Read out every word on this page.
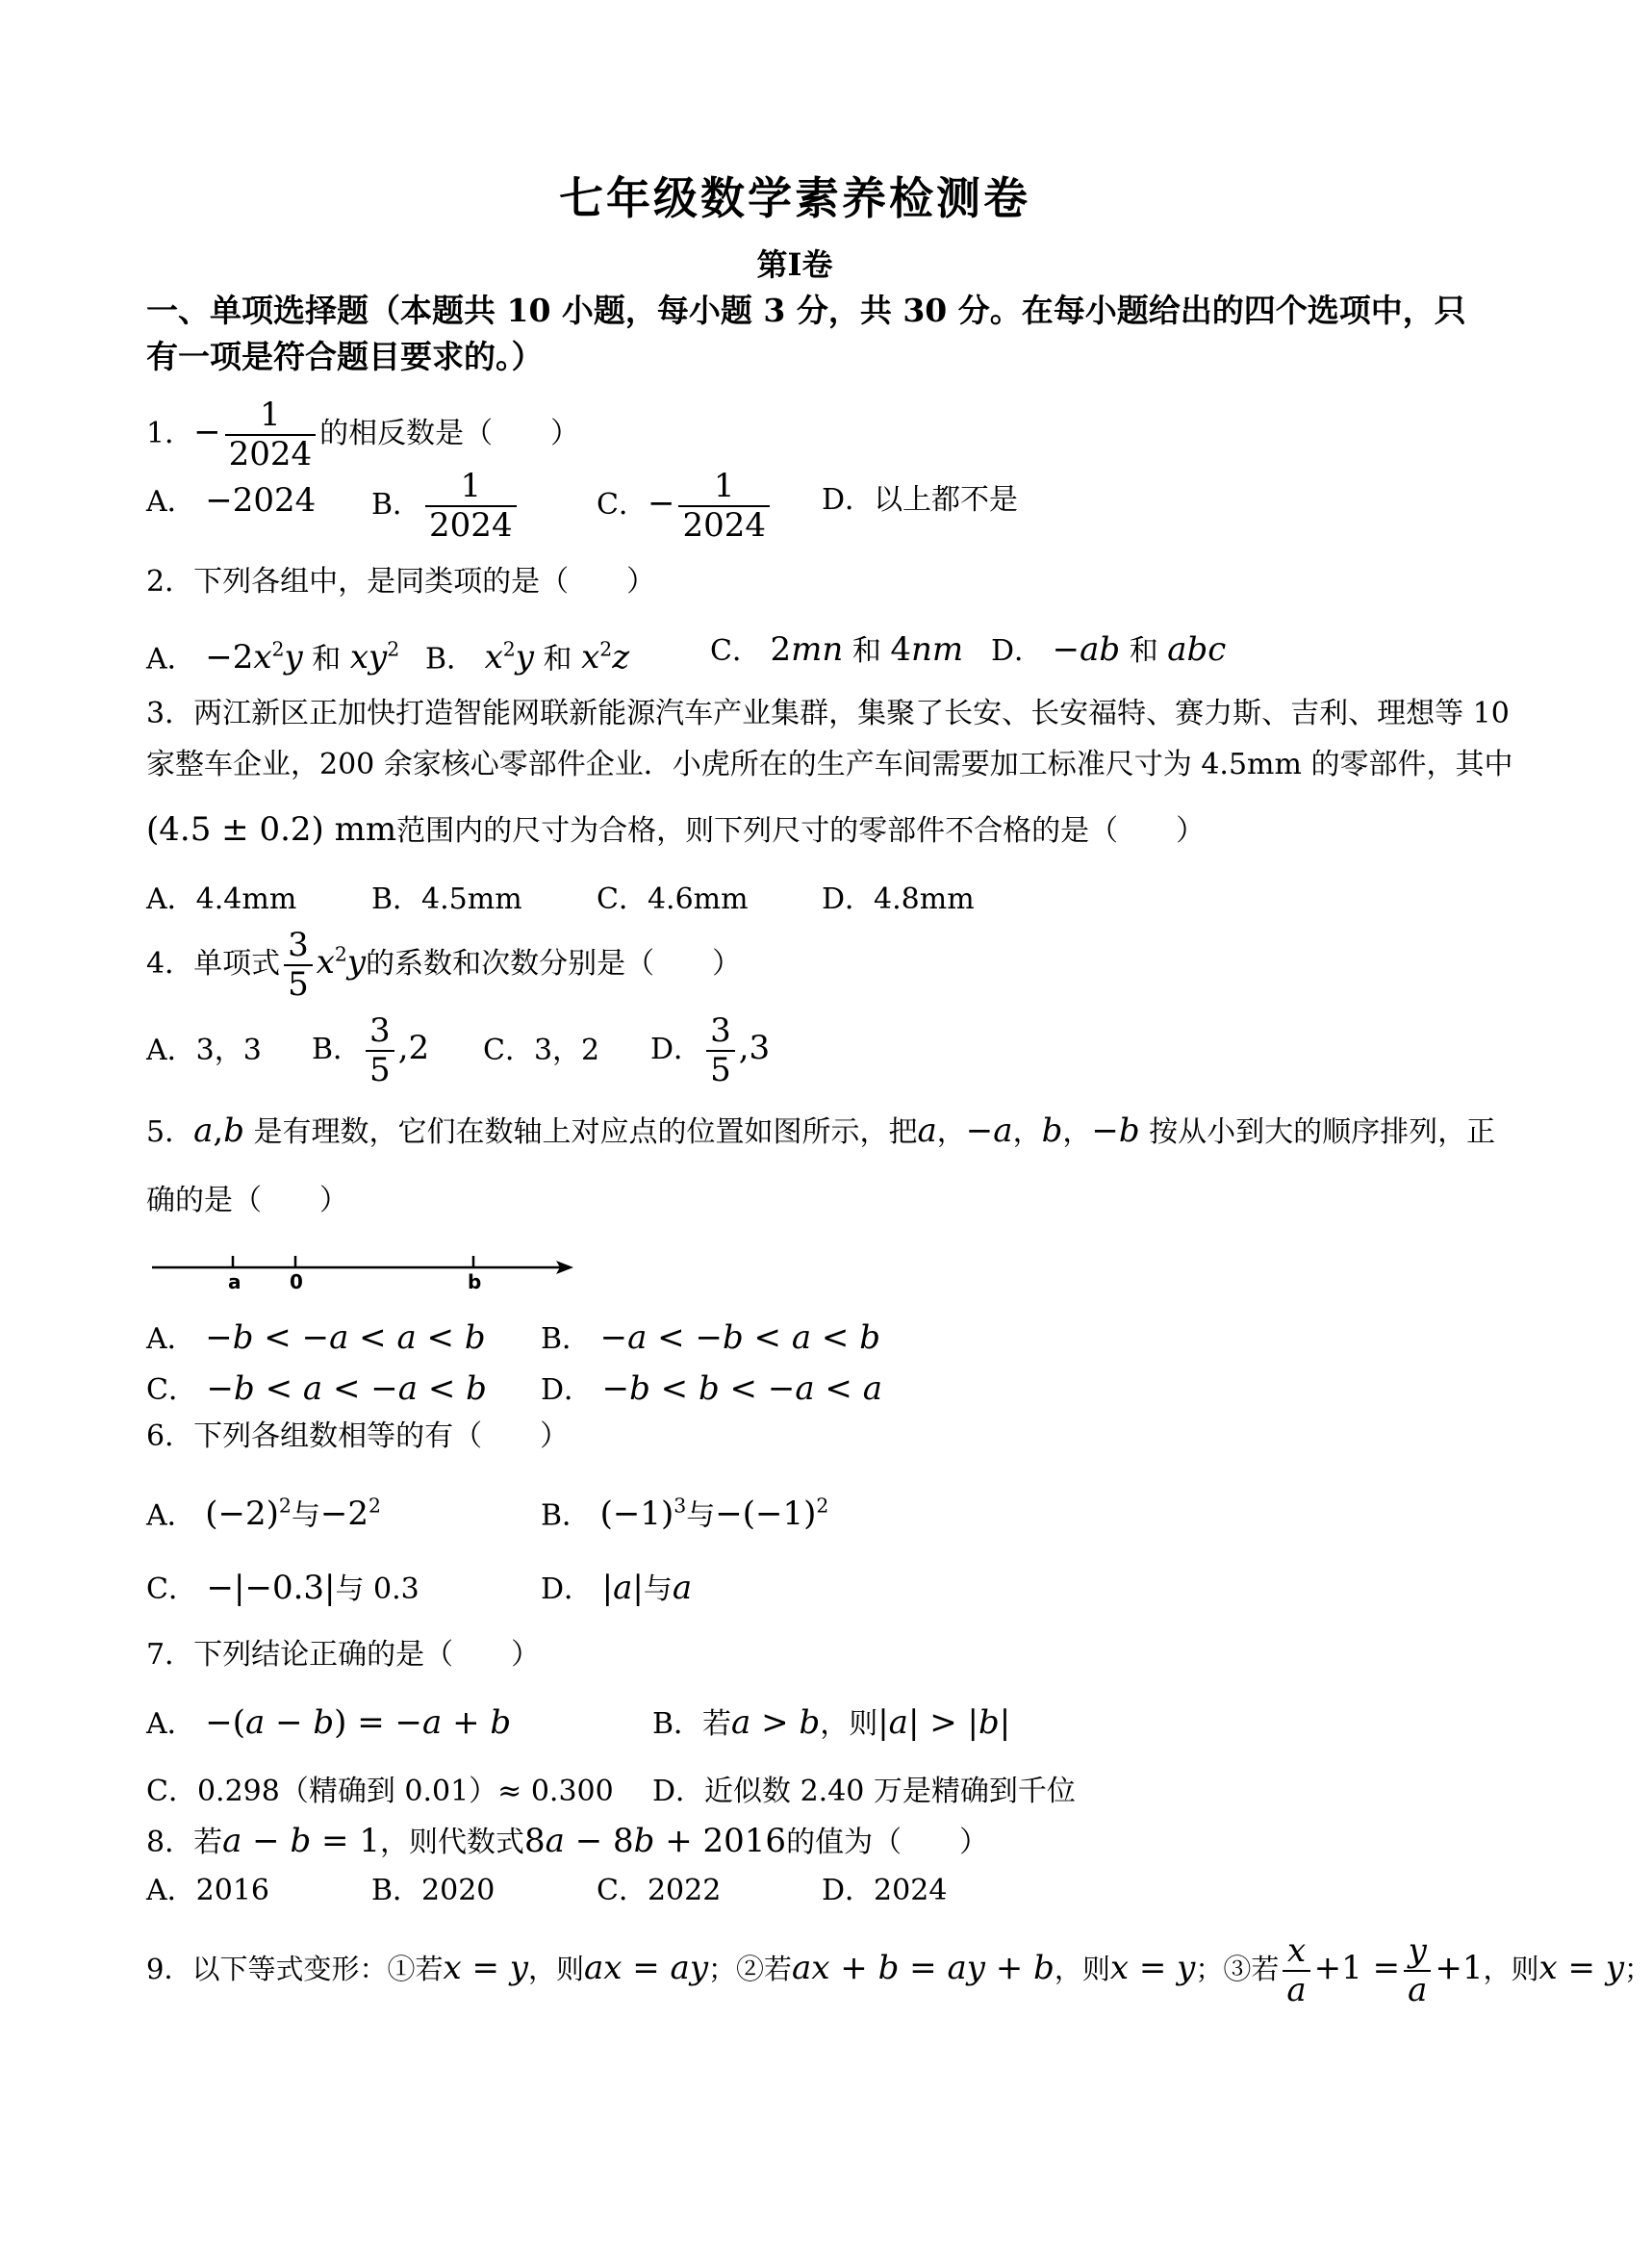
七年级数学素养检测卷
第Ⅰ卷
一、单项选择题（本题共 10 小题，每小题 3 分，共 30 分。在每小题给出的四个选项中，只
有一项是符合题目要求的。）
1．− $\frac{1}{2024}$ 的相反数是（　　）
A． −2024 B． $\frac{1}{2024}$	C．− $\frac{1}{2024}$ D．以上都不是
2．下列各组中，是同类项的是（　　）
A． $-2x^2y$ 和 $xy^2$ B． $x^2y$ 和 $x^2z$	C． 2mn 和 4nm D． −ab 和 abc
3．两江新区正加快打造智能网联新能源汽车产业集群，集聚了长安、长安福特、赛力斯、吉利、理想等 10
家整车企业，200 余家核心零部件企业．小虎所在的生产车间需要加工标准尺寸为 4.5mm 的零部件，其中
(4.5 ± 0.2) mm范围内的尺寸为合格，则下列尺寸的零部件不合格的是（　　）
A．4.4mm	B．4.5mm	C．4.6mm	D．4.8mm
4．单项式 $\frac{3}{5} x^2y$的系数和次数分别是（　　）
A．3，3 B． $\frac{3}{5} ,2$ C．3，2 D． $\frac{3}{5} ,3$
5．a,b 是有理数，它们在数轴上对应点的位置如图所示，把a，−a，b，−b 按从小到大的顺序排列，正
确的是（　　）
a	0	b
A． −b < −a < a < b B． −a < −b < a < b
C． −b < a < −a < b D． −b < b < −a < a
6．下列各组数相等的有（　　）
A． $(-2)^2$与$-2^2$	B． $(-1)^3$与$-(-1)^2$
C． −|−0.3|与 0.3	D． |a|与a
7．下列结论正确的是（　　）
A． −(a − b) = −a + b	B．若a > b，则|a| > |b|
C．0.298（精确到 0.01）≈ 0.300 D．近似数 2.40 万是精确到千位
8．若a − b = 1，则代数式8a − 8b + 2016的值为（　　）
A．2016	B．2020	C．2022	D．2024
9．以下等式变形：①若x = y，则ax = ay；②若ax + b = ay + b，则x = y；③若 $\frac{x}{a} +1 = \frac{y}{a} +1$，则x = y；
